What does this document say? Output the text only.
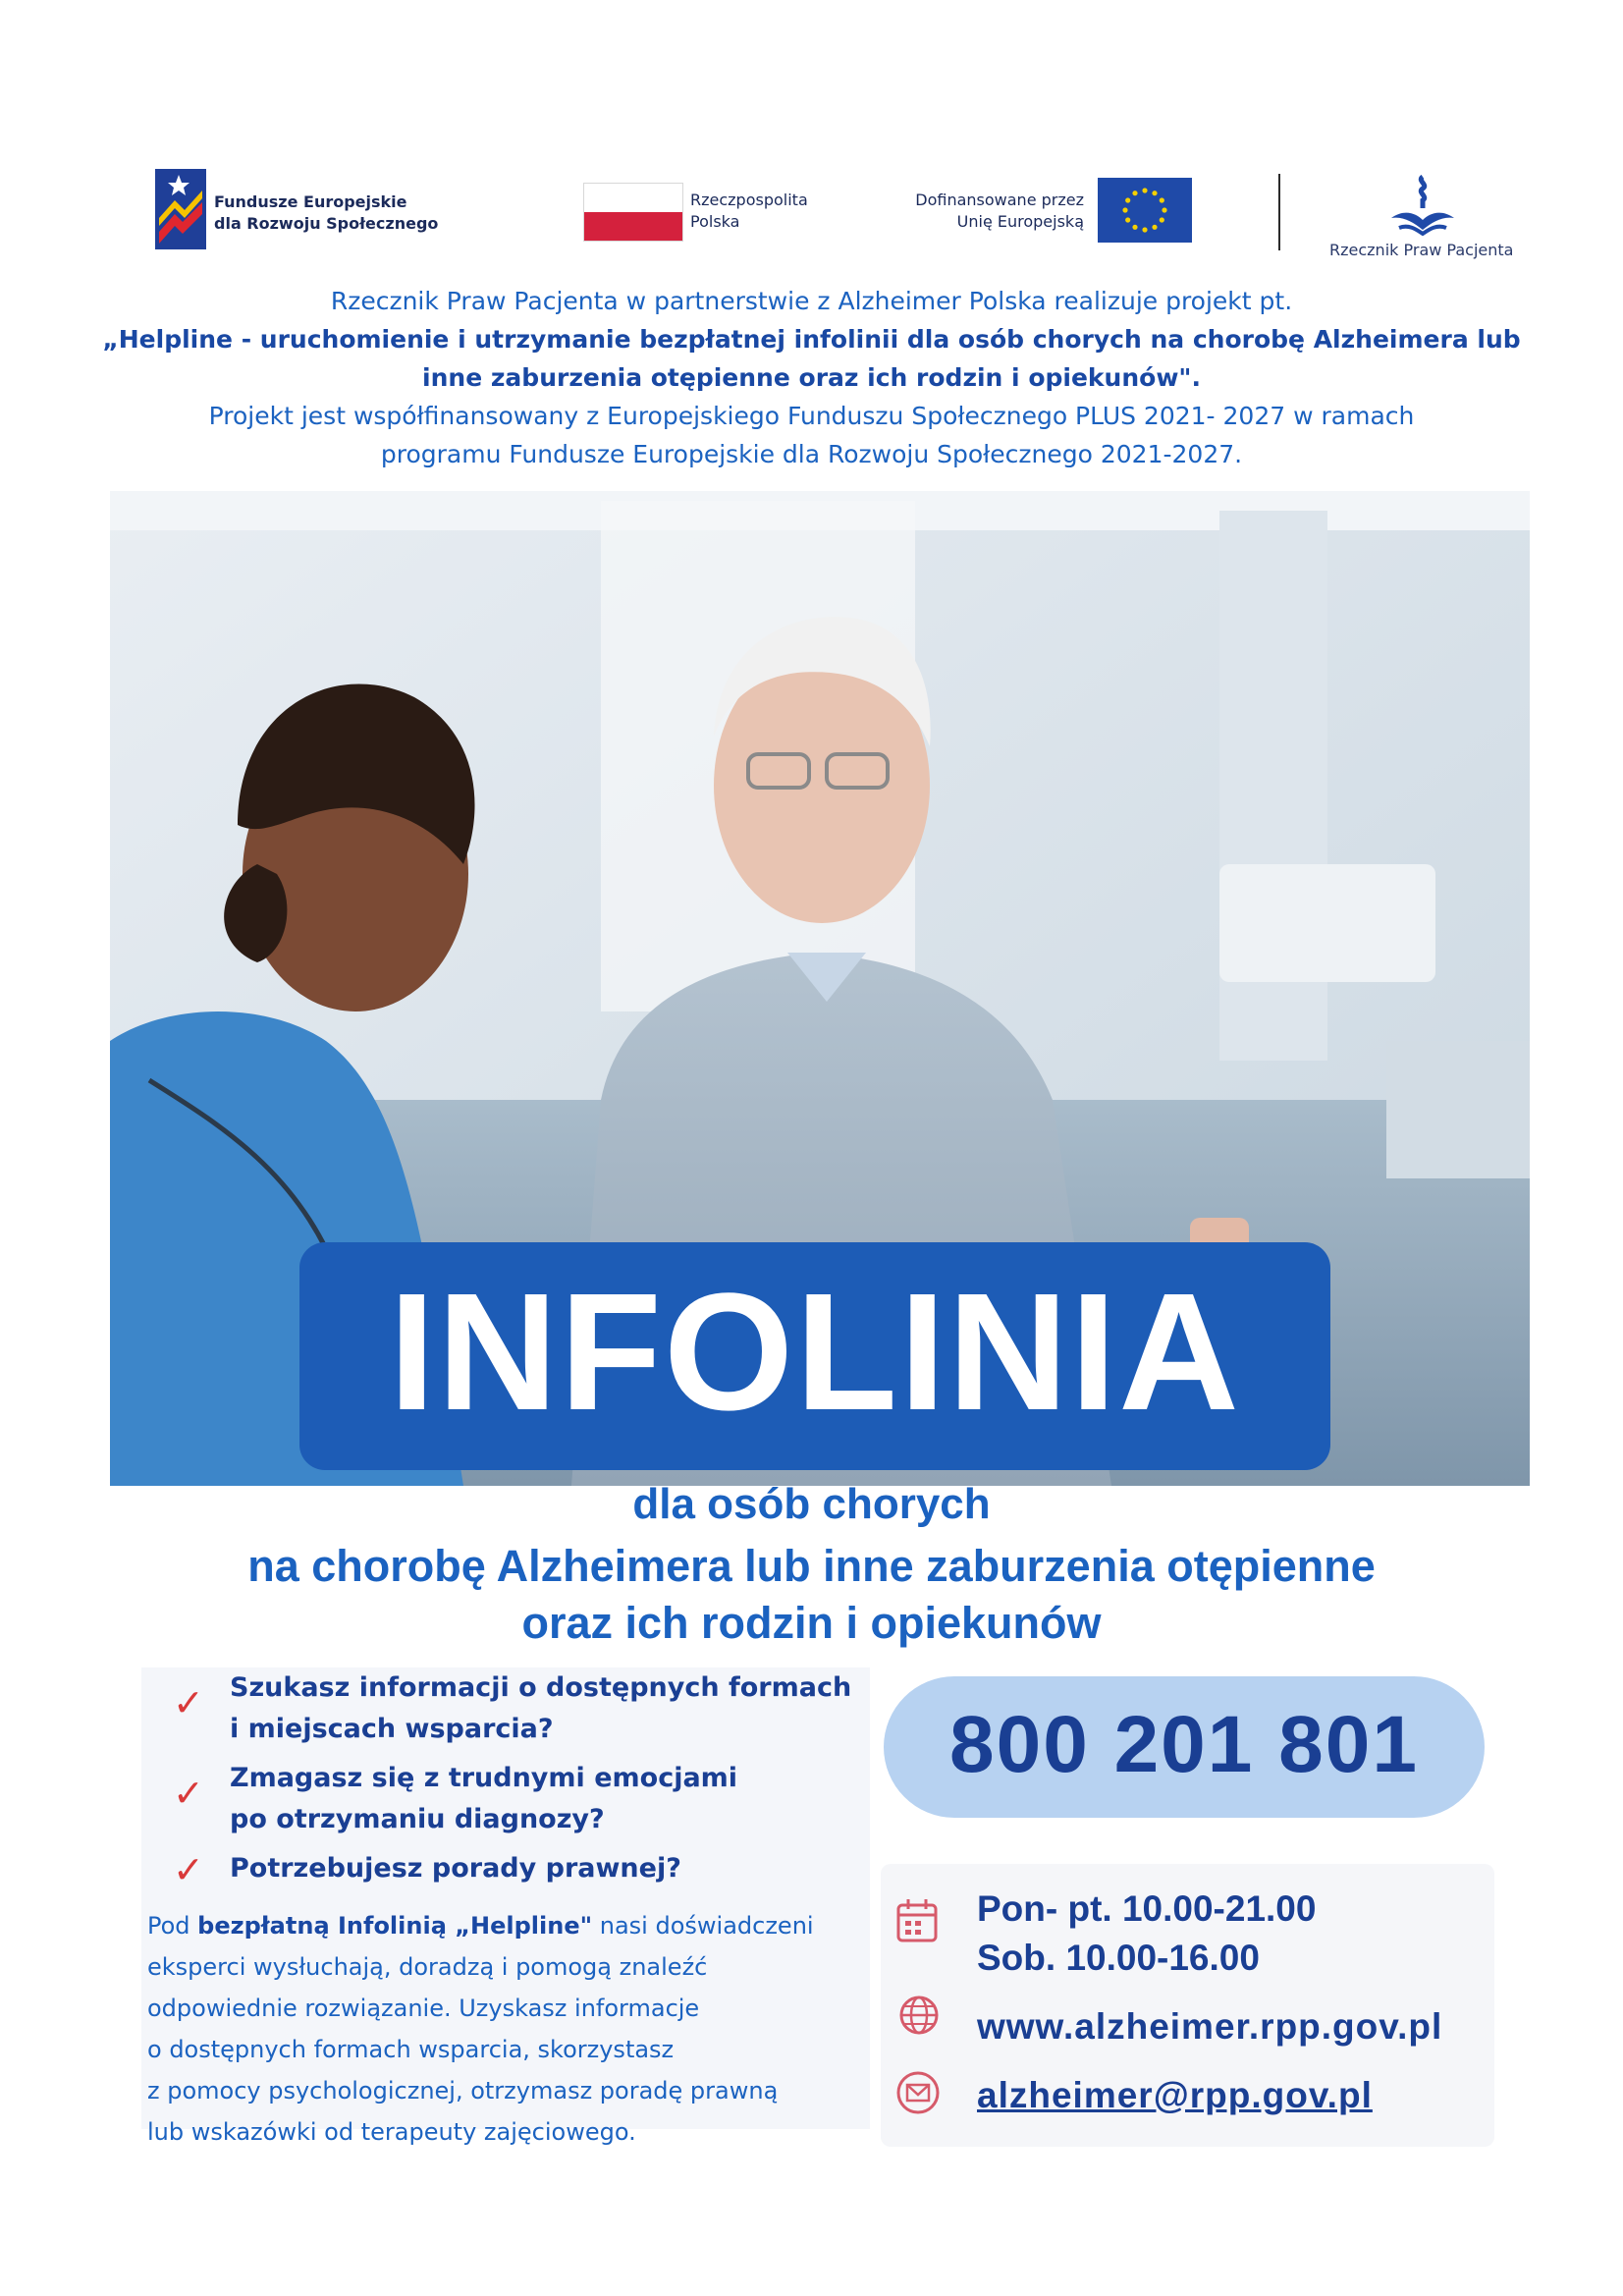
Fundusze Europejskie
dla Rozwoju Społecznego
Rzeczpospolita
Polska
Dofinansowane przez
Unię Europejską
Rzecznik Praw Pacjenta
Rzecznik Praw Pacjenta w partnerstwie z Alzheimer Polska realizuje projekt pt.
„Helpline - uruchomienie i utrzymanie bezpłatnej infolinii dla osób chorych na chorobę Alzheimera lub
inne zaburzenia otępienne oraz ich rodzin i opiekunów".
Projekt jest współfinansowany z Europejskiego Funduszu Społecznego PLUS 2021- 2027 w ramach
programu Fundusze Europejskie dla Rozwoju Społecznego 2021-2027.
INFOLINIA
dla osób chorych
na chorobę Alzheimera lub inne zaburzenia otępienne
oraz ich rodzin i opiekunów
✓ Szukasz informacji o dostępnych formach
i miejscach wsparcia?
✓ Zmagasz się z trudnymi emocjami
po otrzymaniu diagnozy?
✓ Potrzebujesz porady prawnej?
Pod bezpłatną Infolinią „Helpline" nasi doświadczeni
eksperci wysłuchają, doradzą i pomogą znaleźć
odpowiednie rozwiązanie. Uzyskasz informacje
o dostępnych formach wsparcia, skorzystasz
z pomocy psychologicznej, otrzymasz poradę prawną
lub wskazówki od terapeuty zajęciowego.
800 201 801
Pon- pt. 10.00-21.00
Sob. 10.00-16.00
www.alzheimer.rpp.gov.pl
alzheimer@rpp.gov.pl
